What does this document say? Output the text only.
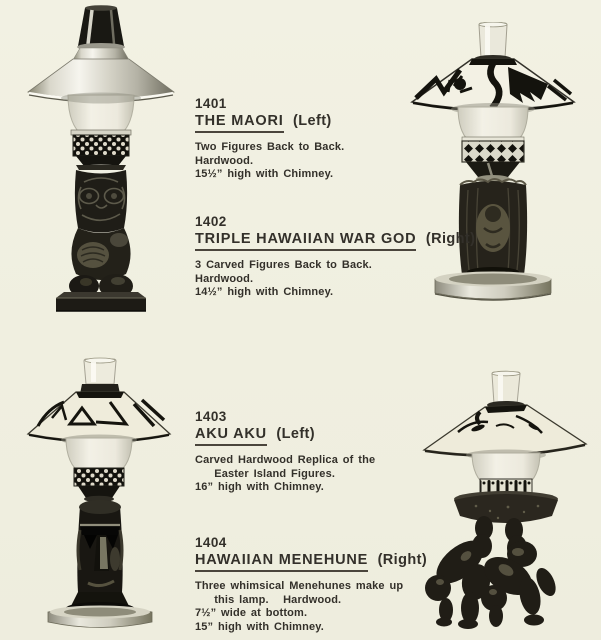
1401
THE MAORI (Left)
Two Figures Back to Back.
Hardwood.
15½” high with Chimney.
1402
TRIPLE HAWAIIAN WAR GOD (Right)
3 Carved Figures Back to Back.
Hardwood.
14½” high with Chimney.
1403
AKU AKU (Left)
Carved Hardwood Replica of the
Easter Island Figures.
16” high with Chimney.
1404
HAWAIIAN MENEHUNE (Right)
Three whimsical Menehunes make up
this lamp.   Hardwood.
7½” wide at bottom.
15” high with Chimney.
